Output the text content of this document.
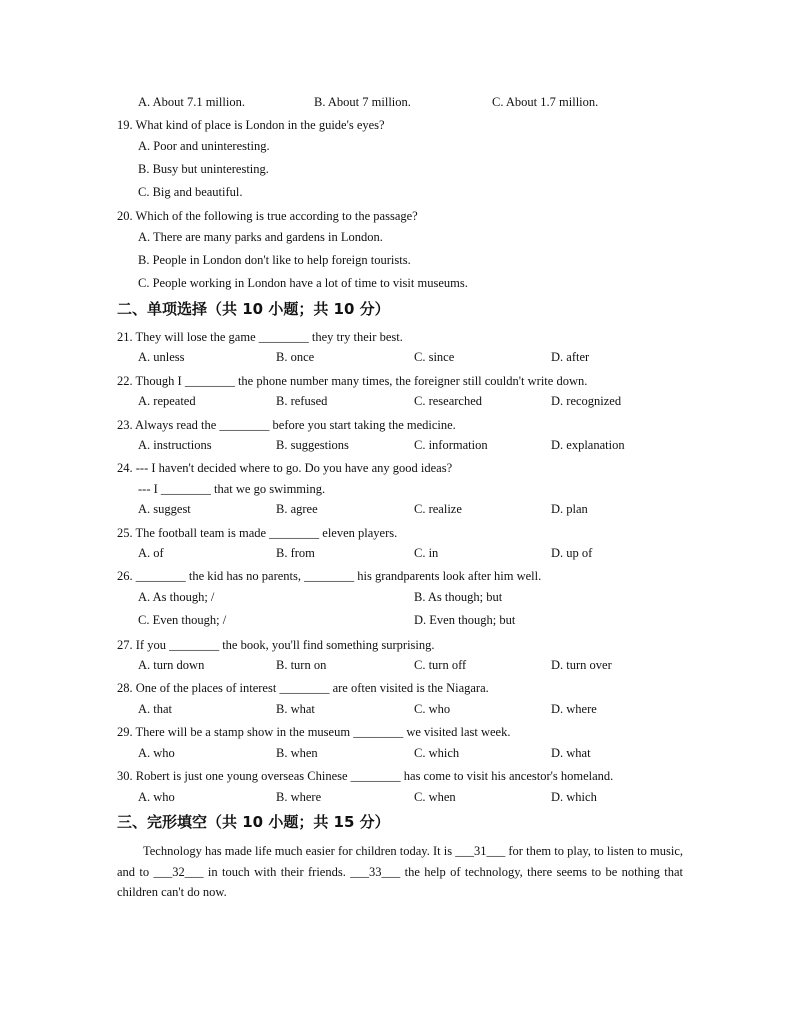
A. About 7.1 million.	B. About 7 million.	C. About 1.7 million.
19. What kind of place is London in the guide's eyes?
A. Poor and uninteresting.
B. Busy but uninteresting.
C. Big and beautiful.
20. Which of the following is true according to the passage?
A. There are many parks and gardens in London.
B. People in London don't like to help foreign tourists.
C. People working in London have a lot of time to visit museums.
二、单项选择（共 10 小题；共 10 分）
21. They will lose the game ________ they try their best.
A. unless	B. once	C. since	D. after
22. Though I ________ the phone number many times, the foreigner still couldn't write down.
A. repeated	B. refused	C. researched	D. recognized
23. Always read the ________ before you start taking the medicine.
A. instructions	B. suggestions	C. information	D. explanation
24. --- I haven't decided where to go. Do you have any good ideas?
--- I ________ that we go swimming.
A. suggest	B. agree	C. realize	D. plan
25. The football team is made ________ eleven players.
A. of	B. from	C. in	D. up of
26. ________ the kid has no parents, ________ his grandparents look after him well.
A. As though; /	B. As though; but
C. Even though; /	D. Even though; but
27. If you ________ the book, you'll find something surprising.
A. turn down	B. turn on	C. turn off	D. turn over
28. One of the places of interest ________ are often visited is the Niagara.
A. that	B. what	C. who	D. where
29. There will be a stamp show in the museum ________ we visited last week.
A. who	B. when	C. which	D. what
30. Robert is just one young overseas Chinese ________ has come to visit his ancestor's homeland.
A. who	B. where	C. when	D. which
三、完形填空（共 10 小题；共 15 分）
Technology has made life much easier for children today. It is ___31___ for them to play, to listen to music, and to ___32___ in touch with their friends. ___33___ the help of technology, there seems to be nothing that children can't do now.
